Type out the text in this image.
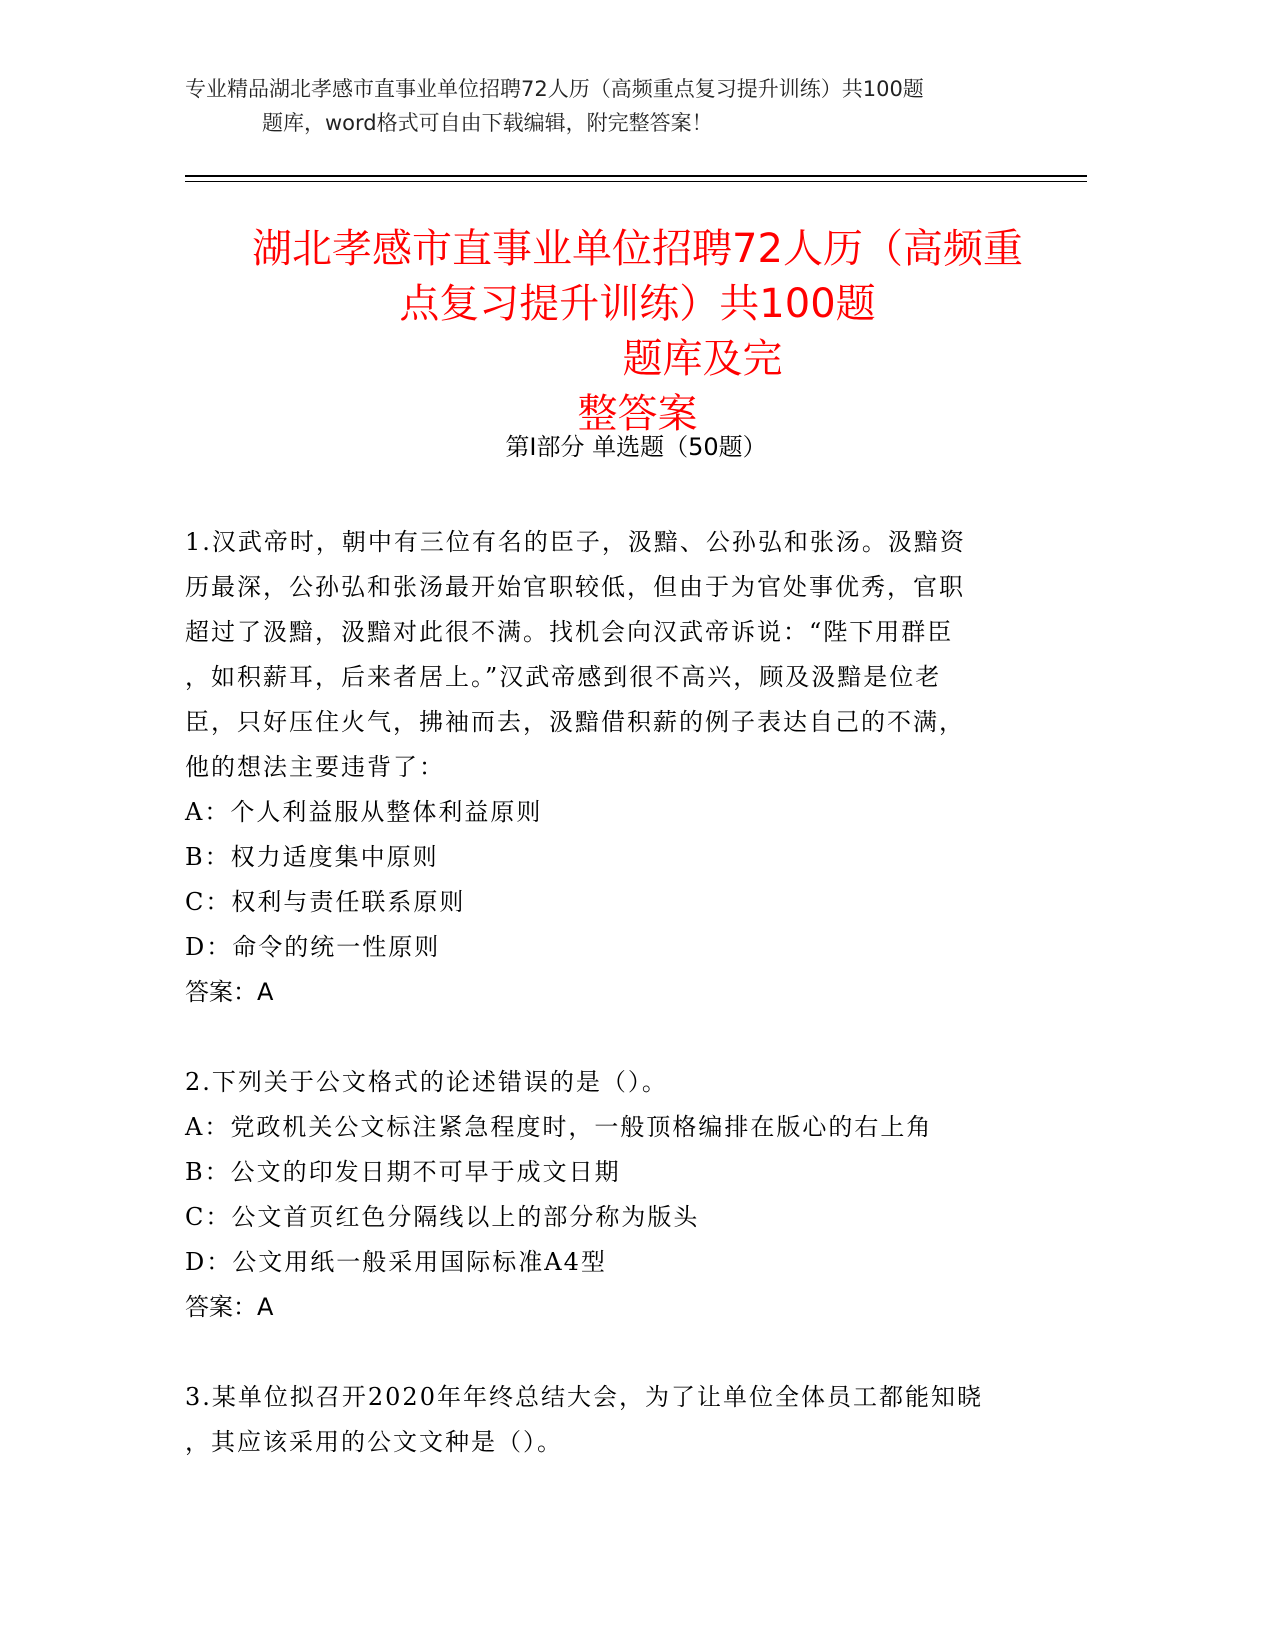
专业精品湖北孝感市直事业单位招聘72人历（高频重点复习提升训练）共100题
题库，word格式可自由下载编辑，附完整答案！
湖北孝感市直事业单位招聘72人历（高频重
点复习提升训练）共100题
题库及完
整答案
第Ⅰ部分 单选题（50题）
1.汉武帝时，朝中有三位有名的臣子，汲黯、公孙弘和张汤。汲黯资
历最深，公孙弘和张汤最开始官职较低，但由于为官处事优秀，官职
超过了汲黯，汲黯对此很不满。找机会向汉武帝诉说：“陛下用群臣
，如积薪耳，后来者居上。”汉武帝感到很不高兴，顾及汲黯是位老
臣，只好压住火气，拂袖而去，汲黯借积薪的例子表达自己的不满，
他的想法主要违背了：
A：个人利益服从整体利益原则
B：权力适度集中原则
C：权利与责任联系原则
D：命令的统一性原则
答案：A
2.下列关于公文格式的论述错误的是（）。
A：党政机关公文标注紧急程度时，一般顶格编排在版心的右上角
B：公文的印发日期不可早于成文日期
C：公文首页红色分隔线以上的部分称为版头
D：公文用纸一般采用国际标准A4型
答案：A
3.某单位拟召开2020年年终总结大会，为了让单位全体员工都能知晓
，其应该采用的公文文种是（）。
